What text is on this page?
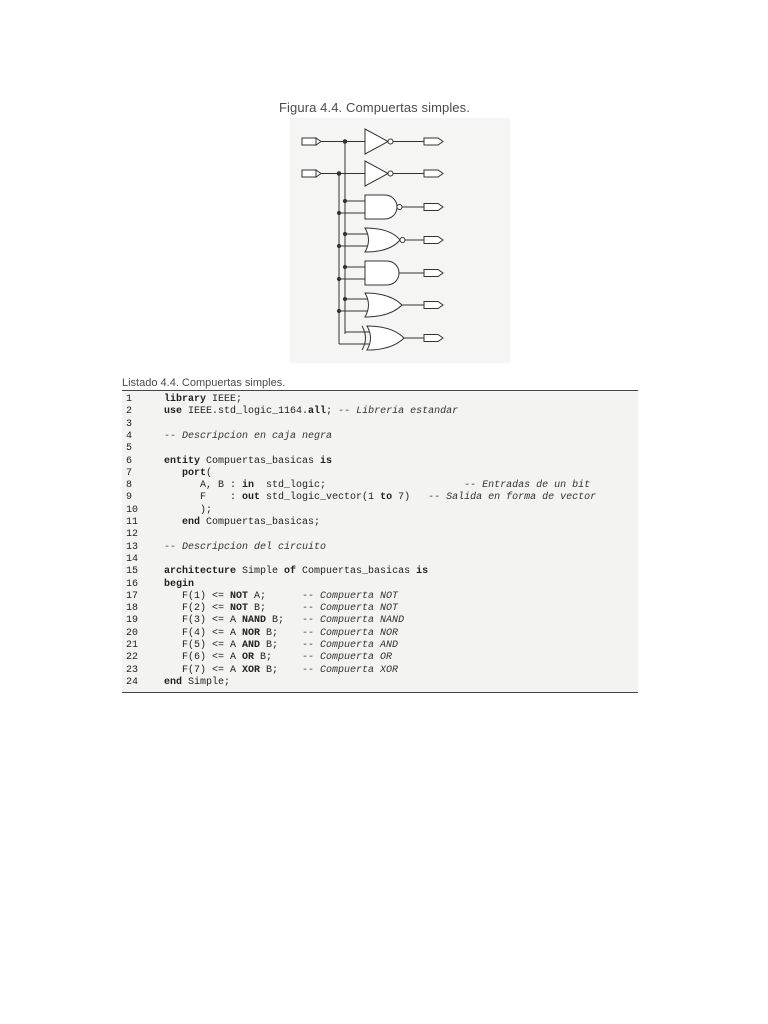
Figura 4.4. Compuertas simples.
Listado 4.4. Compuertas simples.
1	library IEEE;
2	use IEEE.std_logic_1164.all; -- Libreria estandar
3
4	-- Descripcion en caja negra
5
6	entity Compuertas_basicas is
7	port(
8	A, B : in  std_logic;                       -- Entradas de un bit
9	F    : out std_logic_vector(1 to 7)   -- Salida en forma de vector
10	);
11	end Compuertas_basicas;
12
13	-- Descripcion del circuito
14
15	architecture Simple of Compuertas_basicas is
16	begin
17	F(1) <= NOT A;      -- Compuerta NOT
18	F(2) <= NOT B;      -- Compuerta NOT
19	F(3) <= A NAND B;   -- Compuerta NAND
20	F(4) <= A NOR B;    -- Compuerta NOR
21	F(5) <= A AND B;    -- Compuerta AND
22	F(6) <= A OR B;     -- Compuerta OR
23	F(7) <= A XOR B;    -- Compuerta XOR
24	end Simple;
